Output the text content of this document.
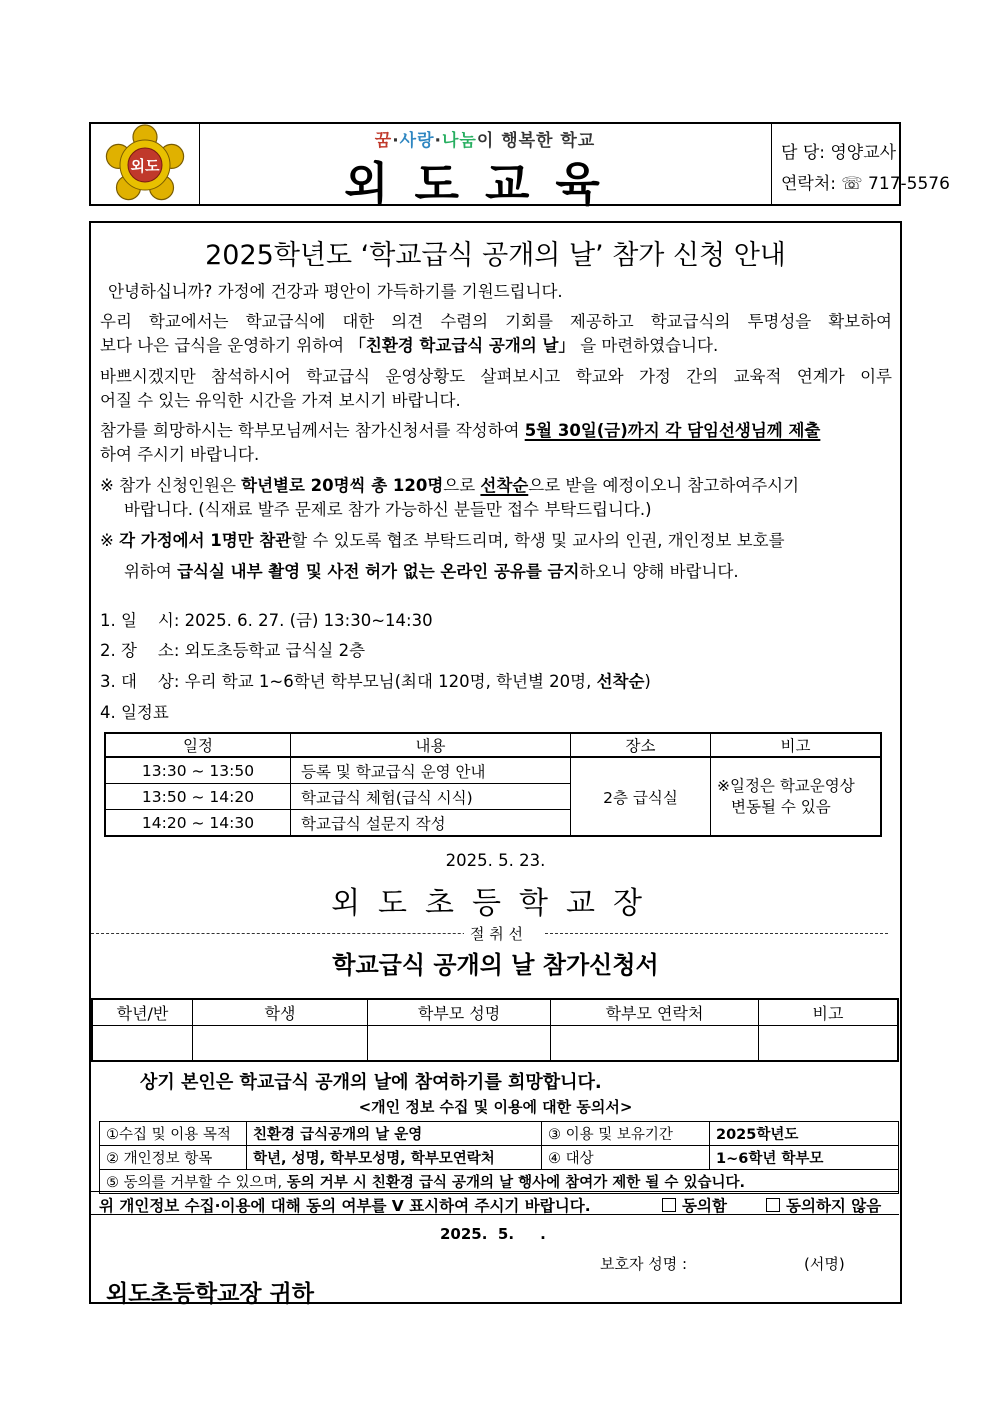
외도
꿈·사랑·나눔이 행복한 학교
외도교육
담 당: 영양교사
연락처: ☏ 717-5576
2025학년도 ‘학교급식 공개의 날’ 참가 신청 안내
안녕하십니까? 가정에 건강과 평안이 가득하기를 기원드립니다.
우리 학교에서는 학교급식에 대한 의견 수렴의 기회를 제공하고 학교급식의 투명성을 확보하여
보다 나은 급식을 운영하기 위하여 「친환경 학교급식 공개의 날」 을 마련하였습니다.
바쁘시겠지만 참석하시어 학교급식 운영상황도 살펴보시고 학교와 가정 간의 교육적 연계가 이루
어질 수 있는 유익한 시간을 가져 보시기 바랍니다.
참가를 희망하시는 학부모님께서는 참가신청서를 작성하여 5월 30일(금)까지 각 담임선생님께 제출
하여 주시기 바랍니다.
※ 참가 신청인원은 학년별로 20명씩 총 120명으로 선착순으로 받을 예정이오니 참고하여주시기
바랍니다. (식재료 발주 문제로 참가 가능하신 분들만 접수 부탁드립니다.)
※ 각 가정에서 1명만 참관할 수 있도록 협조 부탁드리며, 학생 및 교사의 인권, 개인정보 보호를
위하여 급식실 내부 촬영 및 사전 허가 없는 온라인 공유를 금지하오니 양해 바랍니다.
1. 일    시: 2025. 6. 27. (금) 13:30~14:30
2. 장    소: 외도초등학교 급식실 2층
3. 대    상: 우리 학교 1~6학년 학부모님(최대 120명, 학년별 20명, 선착순)
4. 일정표
일정	내용	장소	비고
13:30 ~ 13:50	등록 및 학교급식 운영 안내	2층 급식실	※일정은 학교운영상
변동될 수 있음

13:50 ~ 14:20	학교급식 체험(급식 시식)		
14:20 ~ 14:30	학교급식 설문지 작성		
2025. 5. 23.
외도초등학교장
절 취 선
학교급식 공개의 날 참가신청서
학년/반	학생	학부모 성명	학부모 연락처	비고

상기 본인은 학교급식 공개의 날에 참여하기를 희망합니다.
<개인 정보 수집 및 이용에 대한 동의서>
①수집 및 이용 목적	친환경 급식공개의 날 운영	③ 이용 및 보유기간	2025학년도
② 개인정보 항목	학년, 성명, 학부모성명, 학부모연락처	④ 대상	1~6학년 학부모
⑤ 동의를 거부할 수 있으며, 동의 거부 시 친환경 급식 공개의 날 행사에 참여가 제한 될 수 있습니다.			
위 개인정보 수집·이용에 대해 동의 여부를 V 표시하여 주시기 바랍니다.	동의함	동의하지 않음
2025.  5.     .
보호자 성명 :	(서명)
외도초등학교장 귀하
